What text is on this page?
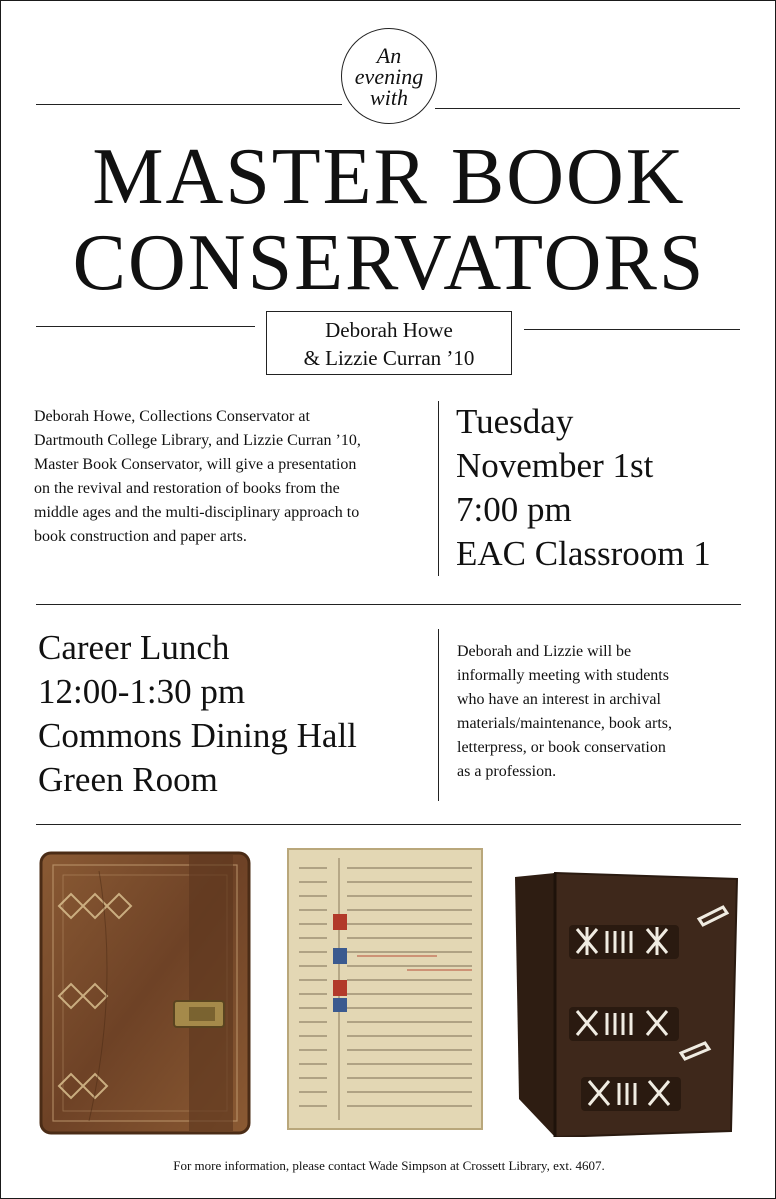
An
evening
with
MASTER BOOK
CONSERVATORS
Deborah Howe
& Lizzie Curran ’10
Deborah Howe, Collections Conservator at
Dartmouth College Library, and Lizzie Curran ’10,
Master Book Conservator, will give a presentation
on the revival and restoration of books from the
middle ages and the multi-disciplinary approach to
book construction and paper arts.
Tuesday
November 1st
7:00 pm
EAC Classroom 1
Career Lunch
12:00-1:30 pm
Commons Dining Hall
Green Room
Deborah and Lizzie will be
informally meeting with students
who have an interest in archival
materials/maintenance, book arts,
letterpress, or book conservation
as a profession.
For more information, please contact Wade Simpson at Crossett Library, ext. 4607.
